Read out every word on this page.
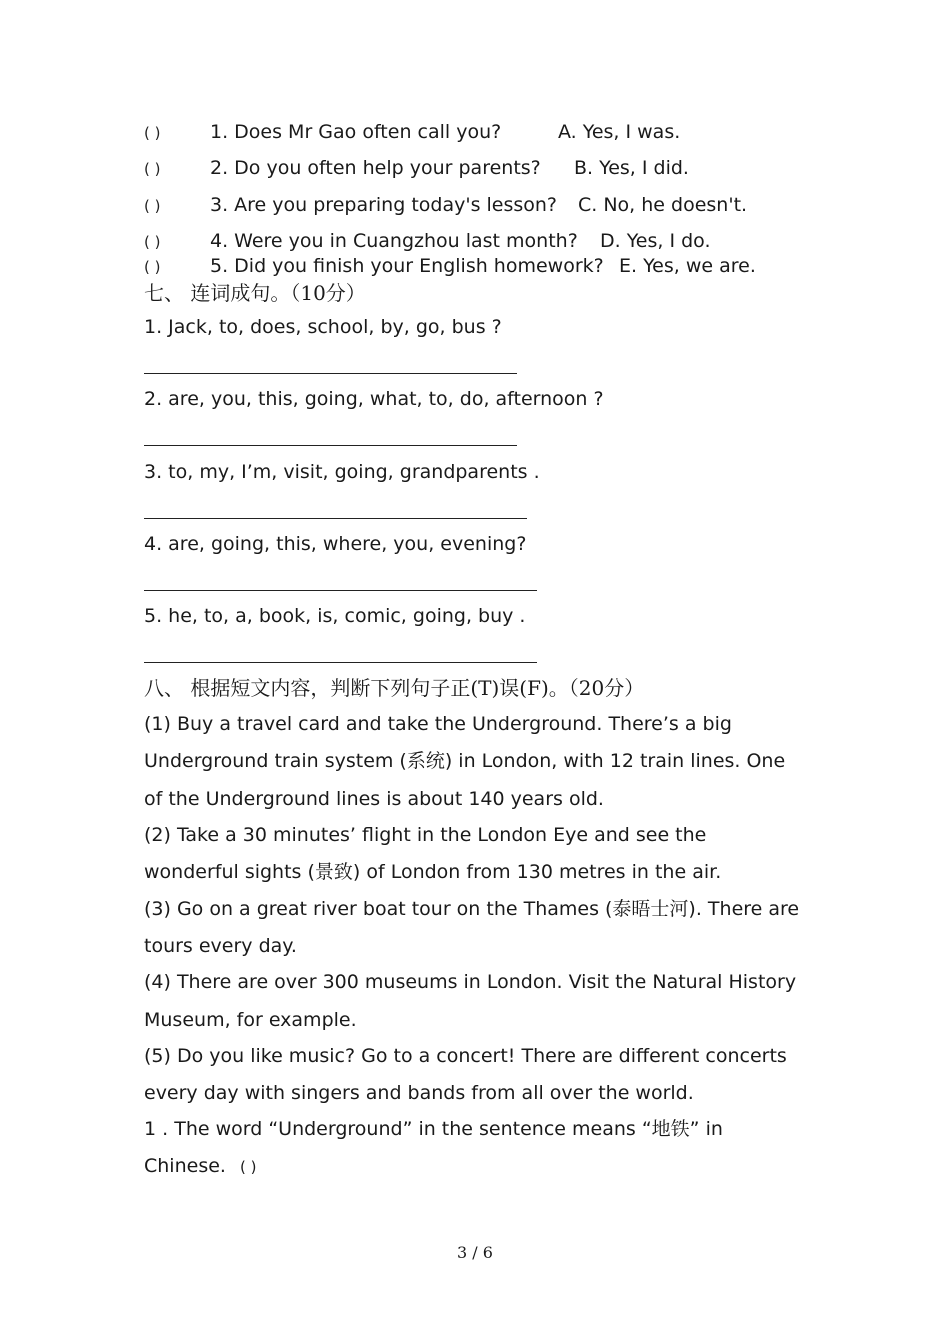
( )	1. Does Mr Gao often call you?	A. Yes, I was.
( )	2. Do you often help your parents? B. Yes, I did.
( )	3. Are you preparing today's lesson? C. No, he doesn't.
( )	4. Were you in Cuangzhou last month? D. Yes, I do.
( )	5. Did you finish your English homework? E. Yes, we are.
七、 连词成句。（10分）
1. Jack, to, does, school, by, go, bus ?
2. are, you, this, going, what, to, do, afternoon ?
3. to, my, I’m, visit, going, grandparents .
4. are, going, this, where, you, evening?
5. he, to, a, book, is, comic, going, buy .
八、 根据短文内容，判断下列句子正(T)误(F)。（20分）
(1) Buy a travel card and take the Underground. There’s a big
Underground train system (系统) in London, with 12 train lines. One
of the Underground lines is about 140 years old.
(2) Take a 30 minutes’ flight in the London Eye and see the
wonderful sights (景致) of London from 130 metres in the air.
(3) Go on a great river boat tour on the Thames (泰晤士河). There are
tours every day.
(4) There are over 300 museums in London. Visit the Natural History
Museum, for example.
(5) Do you like music? Go to a concert! There are different concerts
every day with singers and bands from all over the world.
1 . The word “Underground” in the sentence means “地铁” in
Chinese. ( )
3 / 6
